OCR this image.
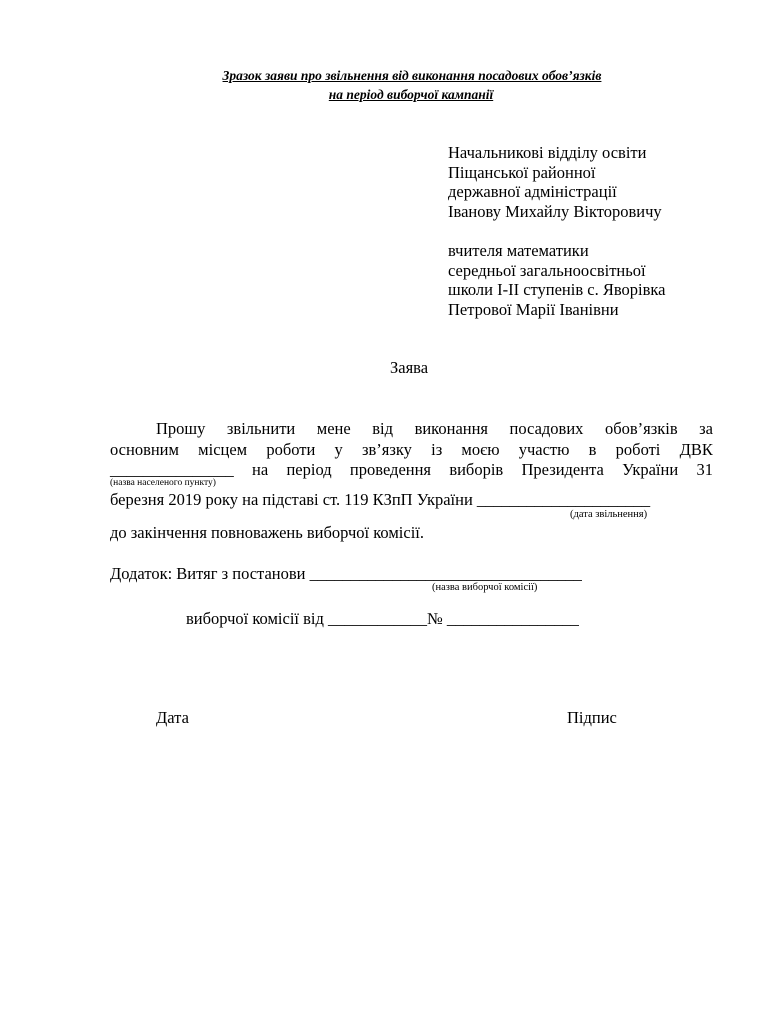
Зразок заяви про звільнення від виконання посадових обов’язків
на період виборчої кампанії
Начальникові відділу освіти
Піщанської районної
державної адміністрації
Іванову Михайлу Вікторовичу
вчителя математики
середньої загальноосвітньої
школи І-ІІ ступенів с. Яворівка
Петрової Марії Іванівни
Заява
Прошу звільнити мене від виконання посадових обов’язків за
основним місцем роботи у зв’язку із моєю участю в роботі ДВК
_______________ на період проведення виборів Президента України 31
(назва населеного пункту)
березня 2019 року на підставі ст. 119 КЗпП України _____________________
(дата звільнення)
до закінчення повноважень виборчої комісії.
Додаток: Витяг з постанови _________________________________
(назва виборчої комісії)
виборчої комісії від ____________№ ________________
Дата	Підпис
